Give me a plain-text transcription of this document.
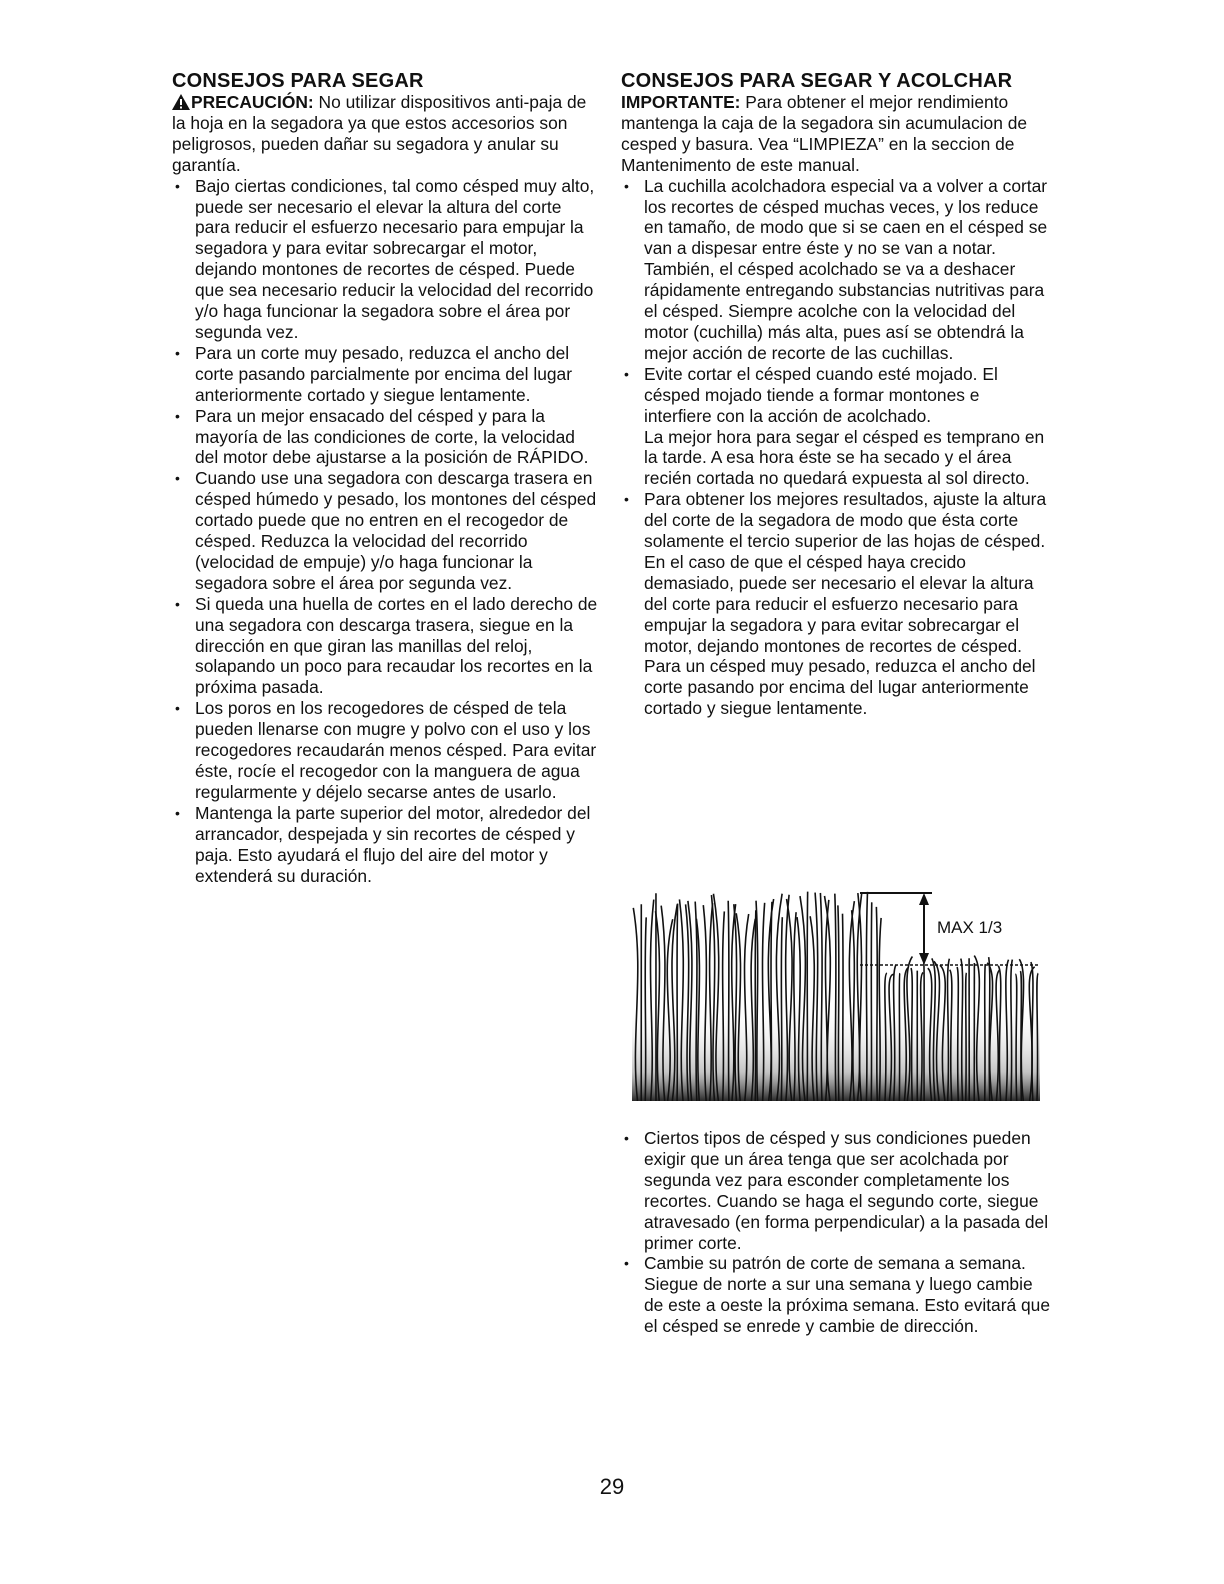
CONSEJOS PARA SEGAR

PRECAUCIÓN: No utilizar dispositivos anti-paja de la hoja en la segadora ya que estos accesorios son peligrosos, pueden dañar su segadora y anular su garantía.

• Bajo ciertas condiciones, tal como césped muy alto, puede ser necesario el elevar la altura del corte para reducir el esfuerzo necesario para empujar la segadora y para evitar sobrecargar el motor, dejando montones de recortes de césped. Puede que sea necesario reducir la velocidad del recorrido y/o haga funcionar la segadora sobre el área por segunda vez.
• Para un corte muy pesado, reduzca el ancho del corte pasando parcialmente por encima del lugar anteriormente cortado y siegue lentamente.
• Para un mejor ensacado del césped y para la mayoría de las condiciones de corte, la velocidad del motor debe ajustarse a la posición de RÁPIDO.
• Cuando use una segadora con descarga trasera en césped húmedo y pesado, los montones del césped cortado puede que no entren en el recogedor de césped. Reduzca la velocidad del recorrido (velocidad de empuje) y/o haga funcionar la segadora sobre el área por segunda vez.
• Si queda una huella de cortes en el lado derecho de una segadora con descarga trasera, siegue en la dirección en que giran las manillas del reloj, solapando un poco para recaudar los recortes en la próxima pasada.
• Los poros en los recogedores de césped de tela pueden llenarse con mugre y polvo con el uso y los recogedores recaudarán menos césped. Para evitar éste, rocíe el recogedor con la manguera de agua regularmente y déjelo secarse antes de usarlo.
• Mantenga la parte superior del motor, alrededor del arrancador, despejada y sin recortes de césped y paja. Esto ayudará el flujo del aire del motor y extenderá su duración.
CONSEJOS PARA SEGAR Y ACOLCHAR

IMPORTANTE: Para obtener el mejor rendimiento mantenga la caja de la segadora sin acumulacion de cesped y basura. Vea “LIMPIEZA” en la seccion de Mantenimento de este manual.

• La cuchilla acolchadora especial va a volver a cortar los recortes de césped muchas veces, y los reduce en tamaño, de modo que si se caen en el césped se van a dispesar entre éste y no se van a notar. También, el césped acolchado se va a deshacer rápidamente entregando substancias nutritivas para el césped. Siempre acolche con la velocidad del motor (cuchilla) más alta, pues así se obtendrá la mejor acción de recorte de las cuchillas.
• Evite cortar el césped cuando esté mojado. El césped mojado tiende a formar montones e interfiere con la acción de acolchado.
La mejor hora para segar el césped es temprano en la tarde. A esa hora éste se ha secado y el área recién cortada no quedará expuesta al sol directo.
• Para obtener los mejores resultados, ajuste la altura del corte de la segadora de modo que ésta corte solamente el tercio superior de las hojas de césped. En el caso de que el césped haya crecido demasiado, puede ser necesario el elevar la altura del corte para reducir el esfuerzo necesario para empujar la segadora y para evitar sobrecargar el motor, dejando montones de recortes de césped.
Para un césped muy pesado, reduzca el ancho del corte pasando por encima del lugar anteriormente cortado y siegue lentamente.
MAX 1/3
• Ciertos tipos de césped y sus condiciones pueden exigir que un área tenga que ser acolchada por segunda vez para esconder completamente los recortes. Cuando se haga el segundo corte, siegue atravesado (en forma perpendicular) a la pasada del primer corte.
• Cambie su patrón de corte de semana a semana. Siegue de norte a sur una semana y luego cambie de este a oeste la próxima semana. Esto evitará que el césped se enrede y cambie de dirección.
29
